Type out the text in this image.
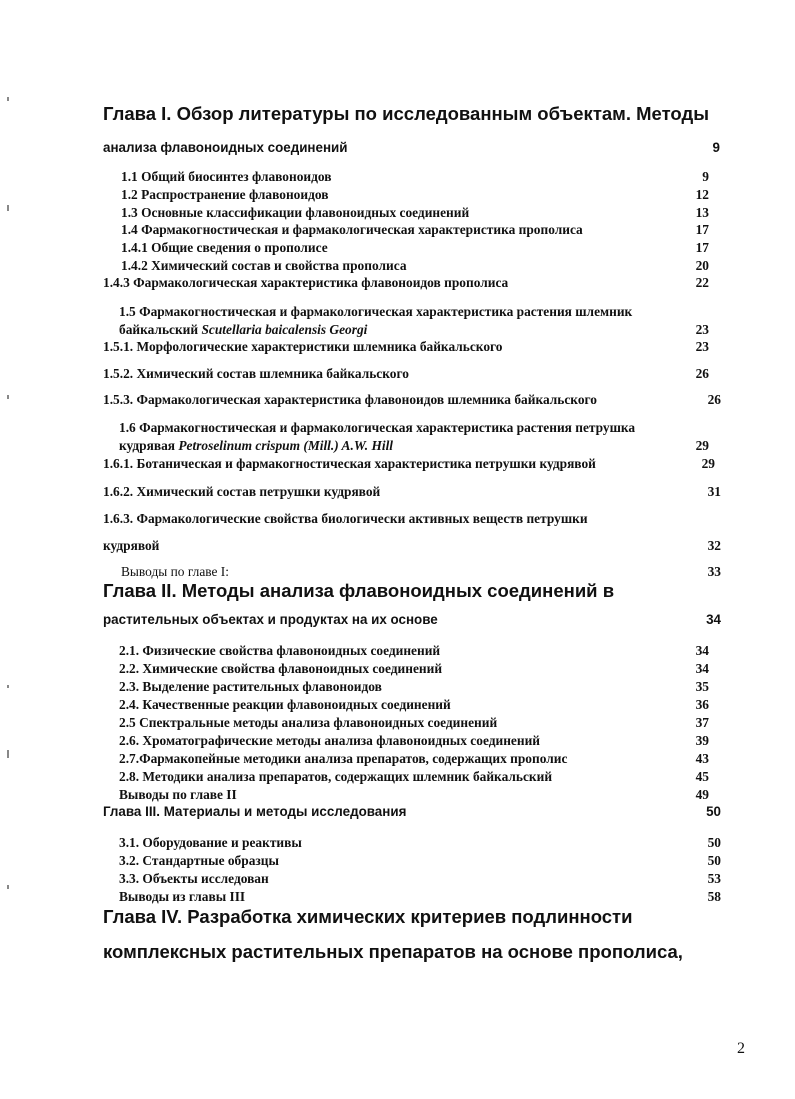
Глава I. Обзор литературы по исследованным объектам. Методы
анализа флавоноидных соединений	9
1.1 Общий биосинтез флавоноидов	9
1.2 Распространение флавоноидов	12
1.3 Основные классификации флавоноидных соединений	13
1.4 Фармакогностическая и фармакологическая характеристика прополиса	17
1.4.1 Общие сведения о прополисе	17
1.4.2 Химический состав и свойства прополиса	20
1.4.3 Фармакологическая характеристика флавоноидов прополиса	22
1.5 Фармакогностическая и фармакологическая характеристика растения шлемник
байкальский Scutellaria baicalensis Georgi	23
1.5.1. Морфологические характеристики шлемника байкальского	23
1.5.2. Химический состав шлемника байкальского	26
1.5.3. Фармакологическая характеристика флавоноидов шлемника байкальского	26
1.6 Фармакогностическая и фармакологическая характеристика растения петрушка
кудрявая Petroselinum crispum (Mill.) A.W. Hill	29
1.6.1. Ботаническая и фармакогностическая характеристика петрушки кудрявой	29
1.6.2. Химический состав петрушки кудрявой	31
1.6.3. Фармакологические свойства биологически активных веществ петрушки
кудрявой	32
Выводы по главе I:	33
Глава II. Методы анализа флавоноидных соединений в
растительных объектах и продуктах на их основе	34
2.1. Физические свойства флавоноидных соединений	34
2.2. Химические свойства флавоноидных соединений	34
2.3. Выделение растительных флавоноидов	35
2.4. Качественные реакции флавоноидных соединений	36
2.5 Спектральные методы анализа флавоноидных соединений	37
2.6. Хроматографические методы анализа флавоноидных соединений	39
2.7.Фармакопейные методики анализа препаратов, содержащих прополис	43
2.8. Методики анализа препаратов, содержащих шлемник байкальский	45
Выводы по главе II	49
Глава III. Материалы и методы исследования	50
3.1. Оборудование и реактивы	50
3.2. Стандартные образцы	50
3.3. Объекты исследован	53
Выводы из главы III	58
Глава IV. Разработка химических критериев подлинности
комплексных растительных препаратов на основе прополиса,
2
